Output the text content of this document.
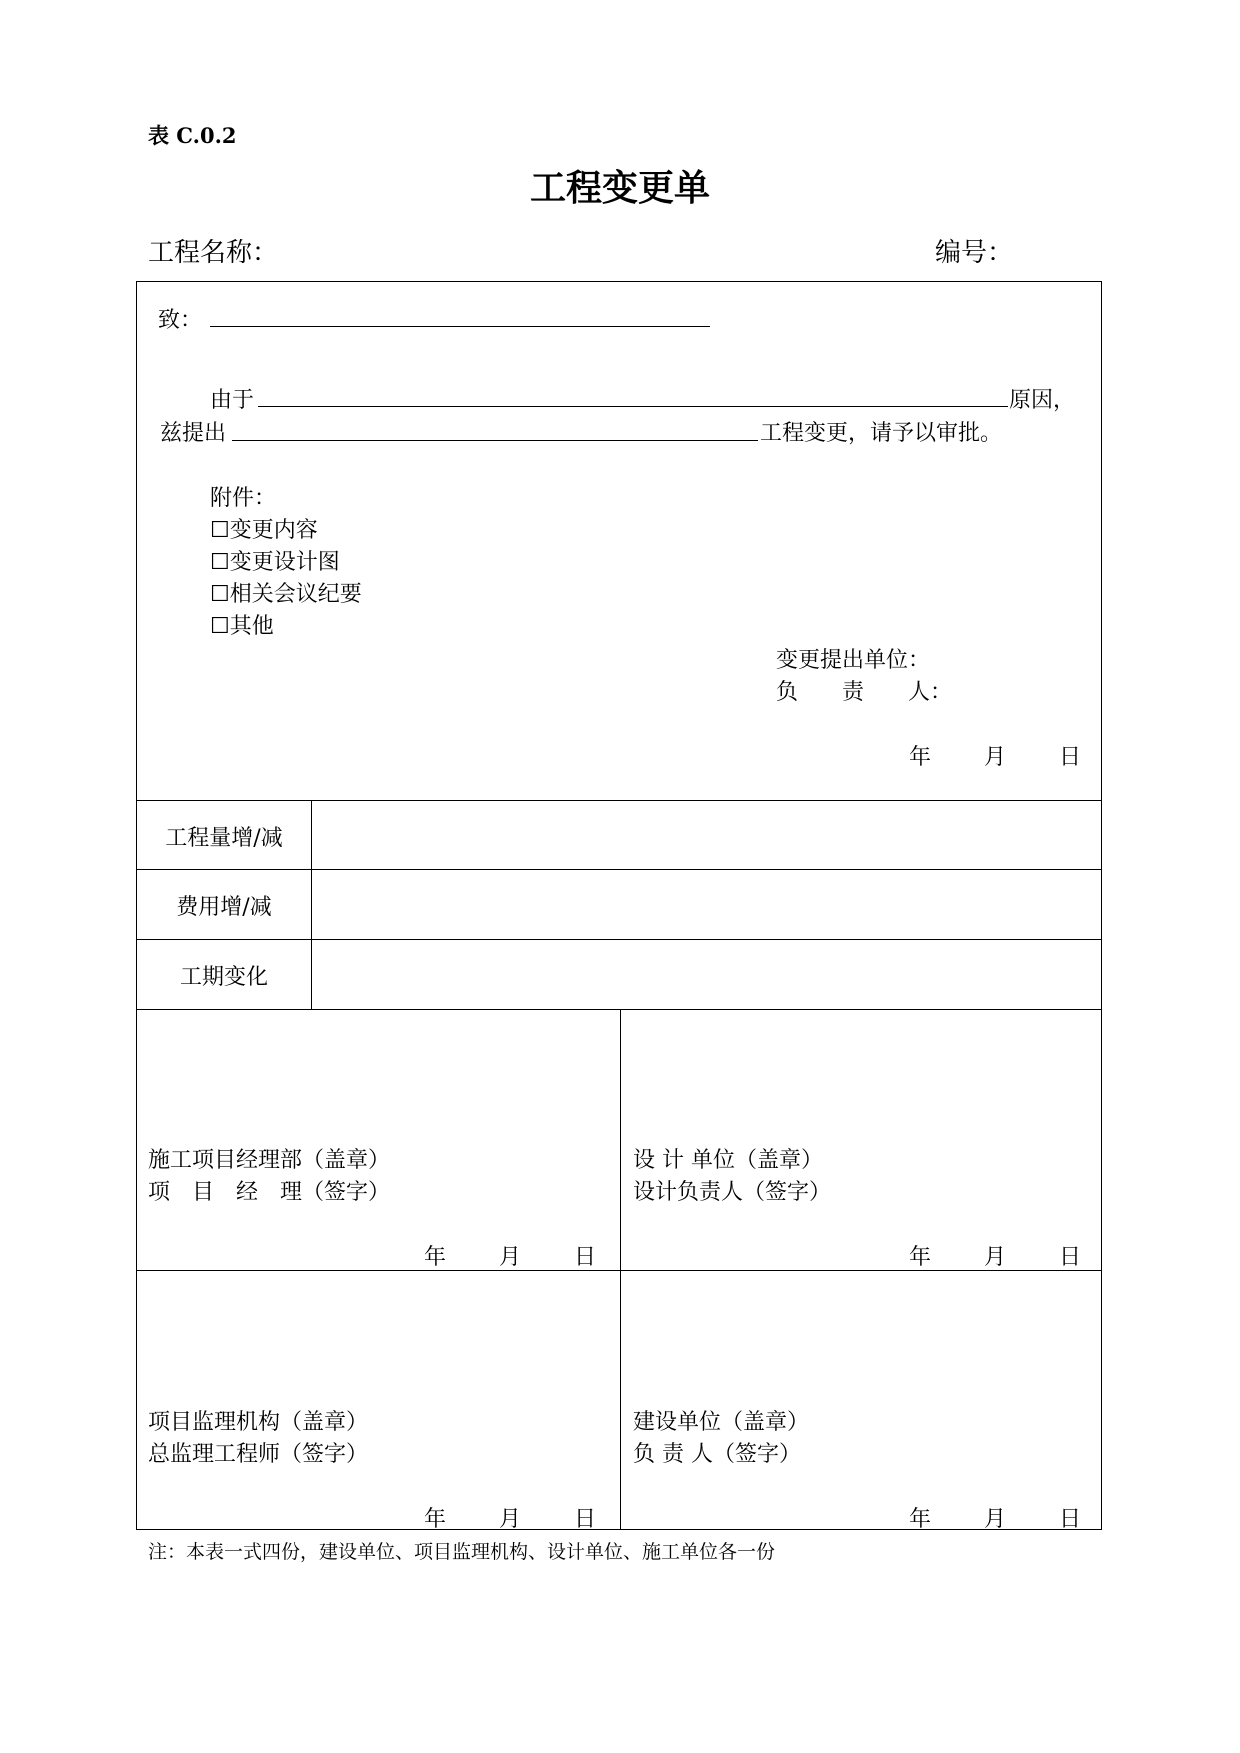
表 C.0.2
工程变更单
工程名称：	编号：
致：
由于	原因，
兹提出	工程变更，请予以审批。
附件：
☐变更内容
☐变更设计图
☐相关会议纪要
☐其他
变更提出单位：
负　　责　　人：
年 月 日
工程量增/减
费用增/减
工期变化
施工项目经理部（盖章）
项　目　经　理（签字）
年 月 日
设 计 单位（盖章）
设计负责人（签字）
年 月 日
项目监理机构（盖章）
总监理工程师（签字）
年 月 日
建设单位（盖章）
负 责 人（签字）
年 月 日
注：本表一式四份，建设单位、项目监理机构、设计单位、施工单位各一份
